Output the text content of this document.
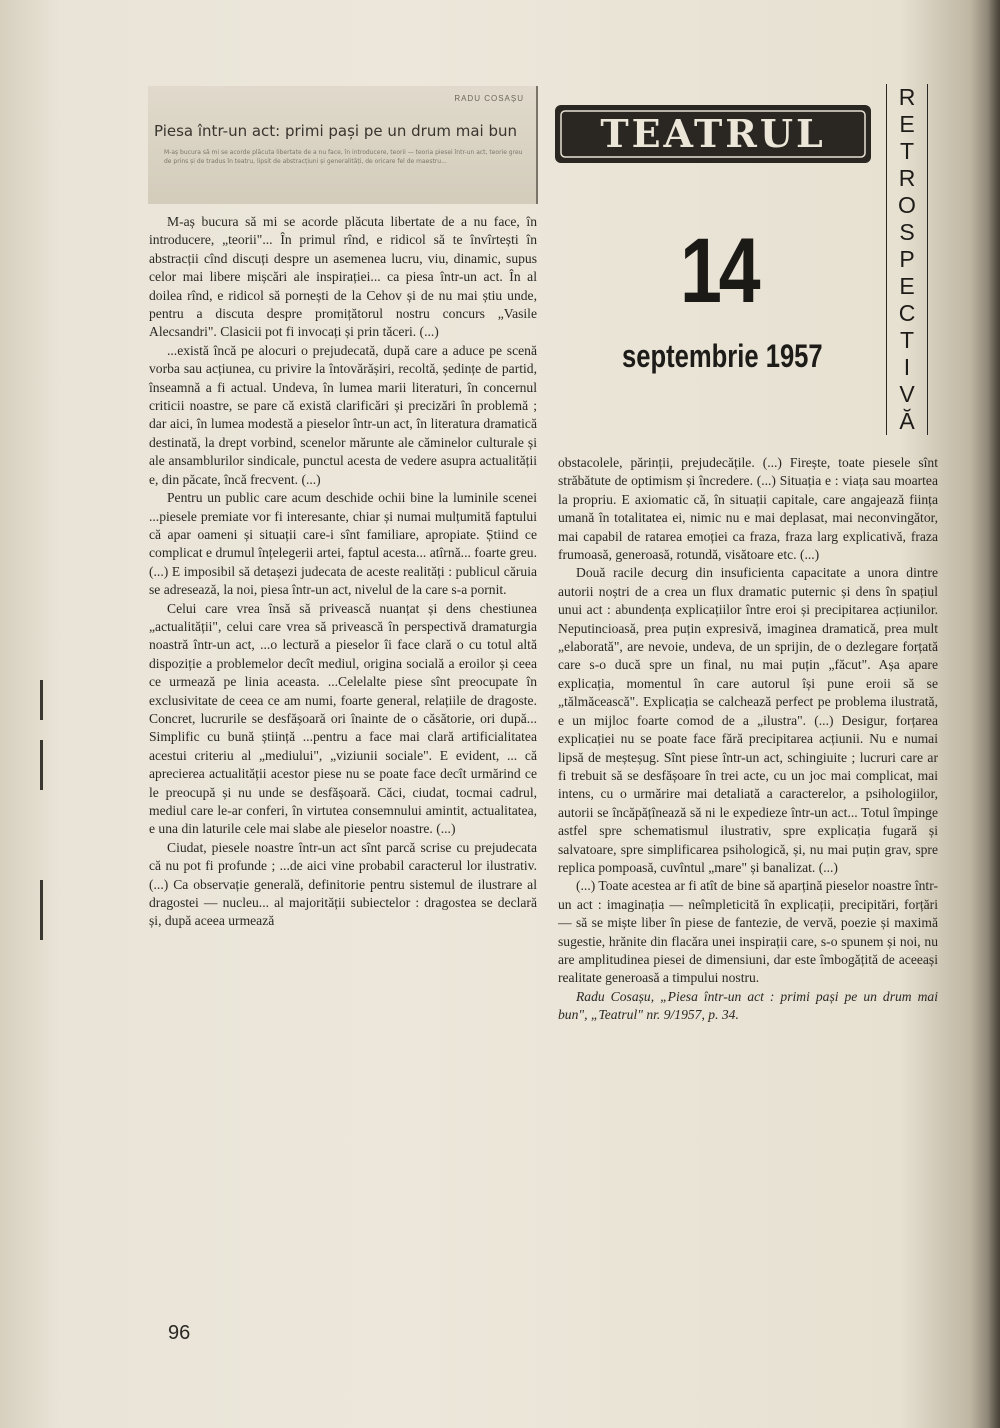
RADU COSAȘU
Piesa într-un act: primi pași pe un drum mai bun
M-aș bucura să mi se acorde plăcuta libertate de a nu face, în introducere, teorii — teoria piesei într-un act, teorie greu de prins și de tradus în teatru, lipsit de abstracțiuni și generalități, de oricare fel de maestru...
TEATRUL
14
septembrie 1957
R
E
T
R
O
S
P
E
C
T
I
V
Ă

M-aș bucura să mi se acorde plăcuta libertate de a nu face, în introducere, „teorii"... În primul rînd, e ridicol să te învîrtești în abstracții cînd discuți despre un asemenea lucru, viu, dinamic, supus celor mai libere mișcări ale inspirației... ca piesa într-un act. În al doilea rînd, e ridicol să pornești de la Cehov și de nu mai știu unde, pentru a discuta despre promițătorul nostru concurs „Vasile Alecsandri". Clasicii pot fi invocați și prin tăceri. (...)

...există încă pe alocuri o prejudecată, după care a aduce pe scenă vorba sau acțiunea, cu privire la întovărășiri, recoltă, ședințe de partid, înseamnă a fi actual. Undeva, în lumea marii literaturi, în concernul criticii noastre, se pare că există clarificări și precizări în problemă ; dar aici, în lumea modestă a pieselor într-un act, în literatura dramatică destinată, la drept vorbind, scenelor mărunte ale căminelor culturale și ale ansamblurilor sindicale, punctul acesta de vedere asupra actualității e, din păcate, încă frecvent. (...)

Pentru un public care acum deschide ochii bine la luminile scenei ...piesele premiate vor fi interesante, chiar și numai mulțumită faptului că apar oameni și situații care-i sînt familiare, apropiate. Știind ce complicat e drumul înțelegerii artei, faptul acesta... atîrnă... foarte greu. (...) E imposibil să detașezi judecata de aceste realități : publicul căruia se adresează, la noi, piesa într-un act, nivelul de la care s-a pornit.

Celui care vrea însă să privească nuanțat și dens chestiunea „actualității", celui care vrea să privească în perspectivă dramaturgia noastră într-un act, ...o lectură a pieselor îi face clară o cu totul altă dispoziție a problemelor decît mediul, origina socială a eroilor și ceea ce urmează pe linia aceasta. ...Celelalte piese sînt preocupate în exclusivitate de ceea ce am numi, foarte general, relațiile de dragoste. Concret, lucrurile se desfășoară ori înainte de o căsătorie, ori după... Simplific cu bună știință ...pentru a face mai clară artificialitatea acestui criteriu al „mediului", „viziunii sociale". E evident, ... că aprecierea actualității acestor piese nu se poate face decît urmărind ce le preocupă și nu unde se desfășoară. Căci, ciudat, tocmai cadrul, mediul care le-ar conferi, în virtutea consemnului amintit, actualitatea, e una din laturile cele mai slabe ale pieselor noastre. (...)

Ciudat, piesele noastre într-un act sînt parcă scrise cu prejudecata că nu pot fi profunde ; ...de aici vine probabil caracterul lor ilustrativ. (...) Ca observație generală, definitorie pentru sistemul de ilustrare al dragostei — nucleu... al majorității subiectelor : dragostea se declară și, după aceea urmează

obstacolele, părinții, prejudecățile. (...) Firește, toate piesele sînt străbătute de optimism și încredere. (...) Situația e : viața sau moartea la propriu. E axiomatic că, în situații capitale, care angajează ființa umană în totalitatea ei, nimic nu e mai deplasat, mai neconvingător, mai capabil de ratarea emoției ca fraza, fraza larg explicativă, fraza frumoasă, generoasă, rotundă, visătoare etc. (...)

Două racile decurg din insuficienta capacitate a unora dintre autorii noștri de a crea un flux dramatic puternic și dens în spațiul unui act : abundența explicațiilor între eroi și precipitarea acțiunilor. Neputincioasă, prea puțin expresivă, imaginea dramatică, prea mult „elaborată", are nevoie, undeva, de un sprijin, de o dezlegare forțată care s-o ducă spre un final, nu mai puțin „făcut". Așa apare explicația, momentul în care autorul își pune eroii să se „tălmăcească". Explicația se calchează perfect pe problema ilustrată, e un mijloc foarte comod de a „ilustra". (...) Desigur, forțarea explicației nu se poate face fără precipitarea acțiunii. Nu e numai lipsă de meșteșug. Sînt piese într-un act, schingiuite ; lucruri care ar fi trebuit să se desfășoare în trei acte, cu un joc mai complicat, mai intens, cu o urmărire mai detaliată a caracterelor, a psihologiilor, autorii se încăpățînează să ni le expedieze într-un act... Totul împinge astfel spre schematismul ilustrativ, spre explicația fugară și salvatoare, spre simplificarea psihologică, și, nu mai puțin grav, spre replica pompoasă, cuvîntul „mare" și banalizat. (...)

(...) Toate acestea ar fi atît de bine să aparțină pieselor noastre într-un act : imaginația — neîmpleticită în explicații, precipitări, forțări — să se miște liber în piese de fantezie, de vervă, poezie și maximă sugestie, hrănite din flacăra unei inspirații care, s-o spunem și noi, nu are amplitudinea piesei de dimensiuni, dar este îmbogățită de aceeași realitate generoasă a timpului nostru.

Radu Cosașu, „Piesa într-un act : primi pași pe un drum mai bun", „Teatrul" nr. 9/1957, p. 34.

96
